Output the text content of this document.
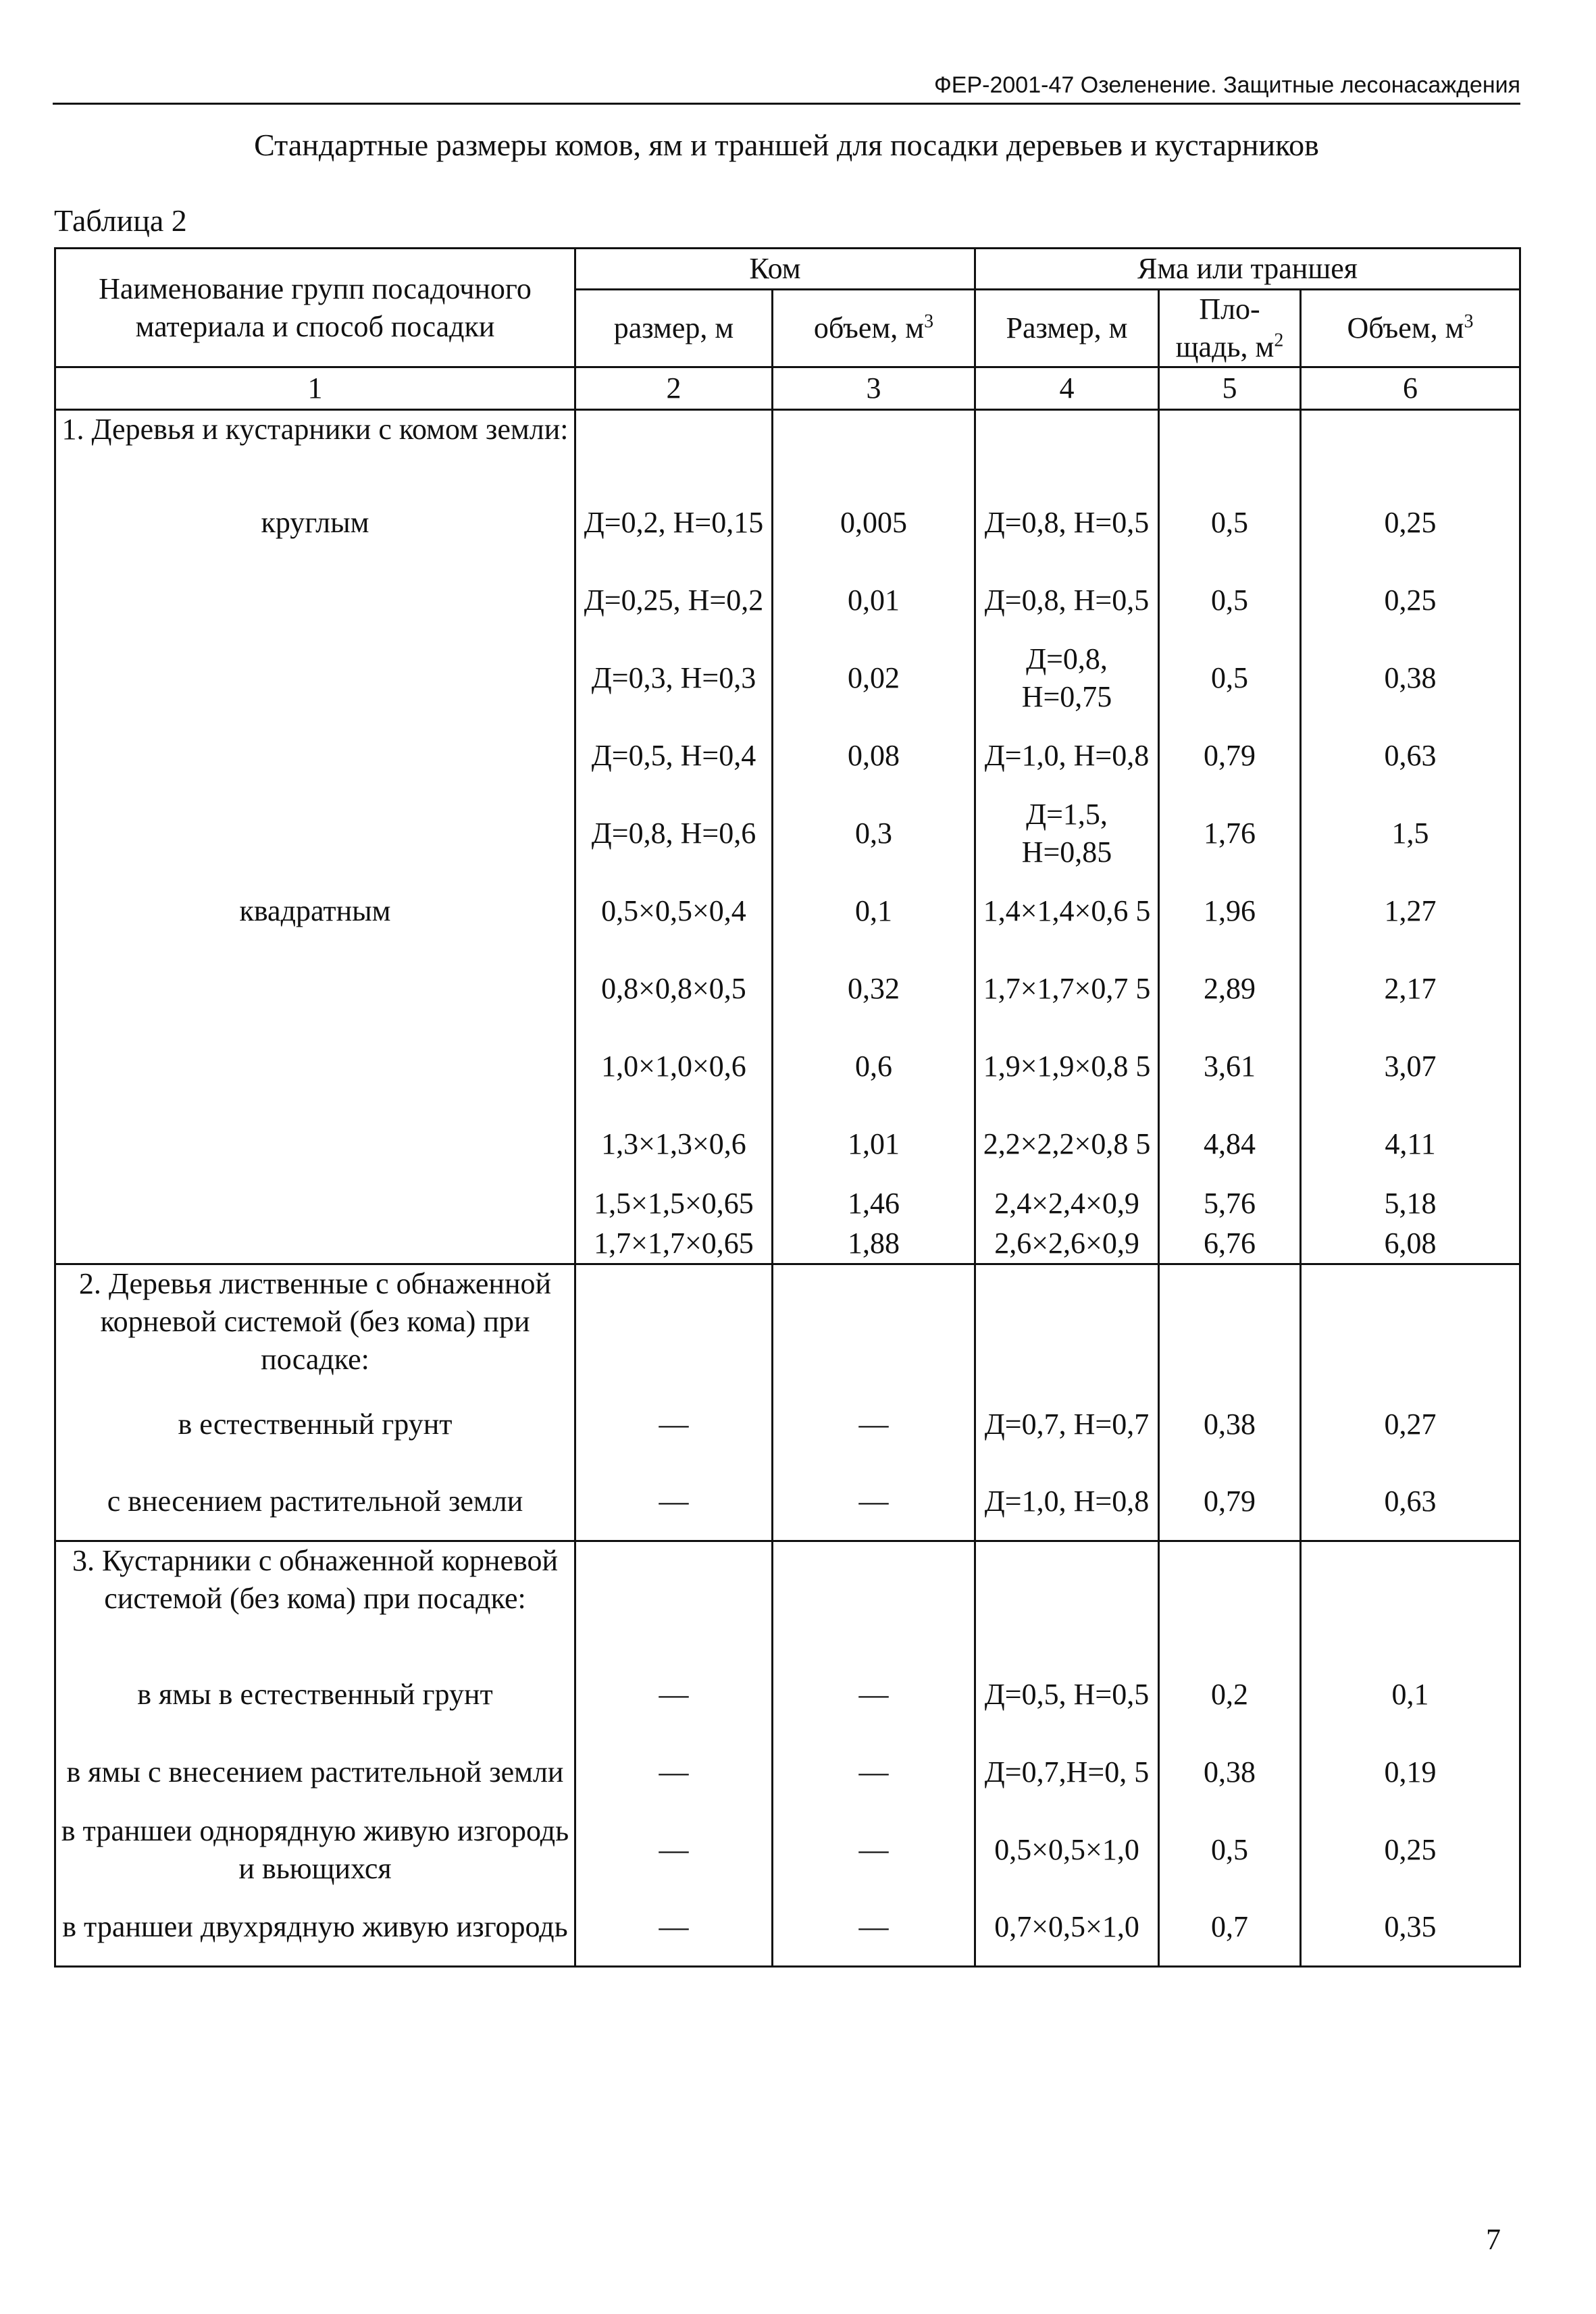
ФЕР-2001-47 Озеленение. Защитные лесонасаждения
Стандартные размеры комов, ям и траншей для посадки деревьев и кустарников
Таблица 2
Наименование групп посадочного материала и способ посадки	Ком		Яма или траншея		
	размер, м	объем, $м^3$	Размер, м	Пло-щадь, $м^2$	Объем, $м^3$
1	2	3	4	5	6
1. Деревья и кустарники с комом земли:					
круглым	Д=0,2, Н=0,15	0,005	Д=0,8, Н=0,5	0,5	0,25
	Д=0,25, Н=0,2	0,01	Д=0,8, Н=0,5	0,5	0,25
	Д=0,3, Н=0,3	0,02	Д=0,8, Н=0,75	0,5	0,38
	Д=0,5, Н=0,4	0,08	Д=1,0, Н=0,8	0,79	0,63
	Д=0,8, Н=0,6	0,3	Д=1,5, Н=0,85	1,76	1,5
квадратным	0,5×0,5×0,4	0,1	1,4×1,4×0,6 5	1,96	1,27
	0,8×0,8×0,5	0,32	1,7×1,7×0,7 5	2,89	2,17
	1,0×1,0×0,6	0,6	1,9×1,9×0,8 5	3,61	3,07
	1,3×1,3×0,6	1,01	2,2×2,2×0,8 5	4,84	4,11
	1,5×1,5×0,65	1,46	2,4×2,4×0,9	5,76	5,18
	1,7×1,7×0,65	1,88	2,6×2,6×0,9	6,76	6,08
2. Деревья лиственные с обнаженной корневой системой (без кома) при посадке:					
в естественный грунт	—	—	Д=0,7, Н=0,7	0,38	0,27
с внесением растительной земли	—	—	Д=1,0, Н=0,8	0,79	0,63
3. Кустарники с обнаженной корневой системой (без кома) при посадке:					
в ямы в естественный грунт	—	—	Д=0,5, Н=0,5	0,2	0,1
в ямы с внесением растительной земли	—	—	Д=0,7,Н=0, 5	0,38	0,19
в траншеи однорядную живую изгородь и вьющихся	—	—	0,5×0,5×1,0	0,5	0,25
в траншеи двухрядную живую изгородь	—	—	0,7×0,5×1,0	0,7	0,35
7
